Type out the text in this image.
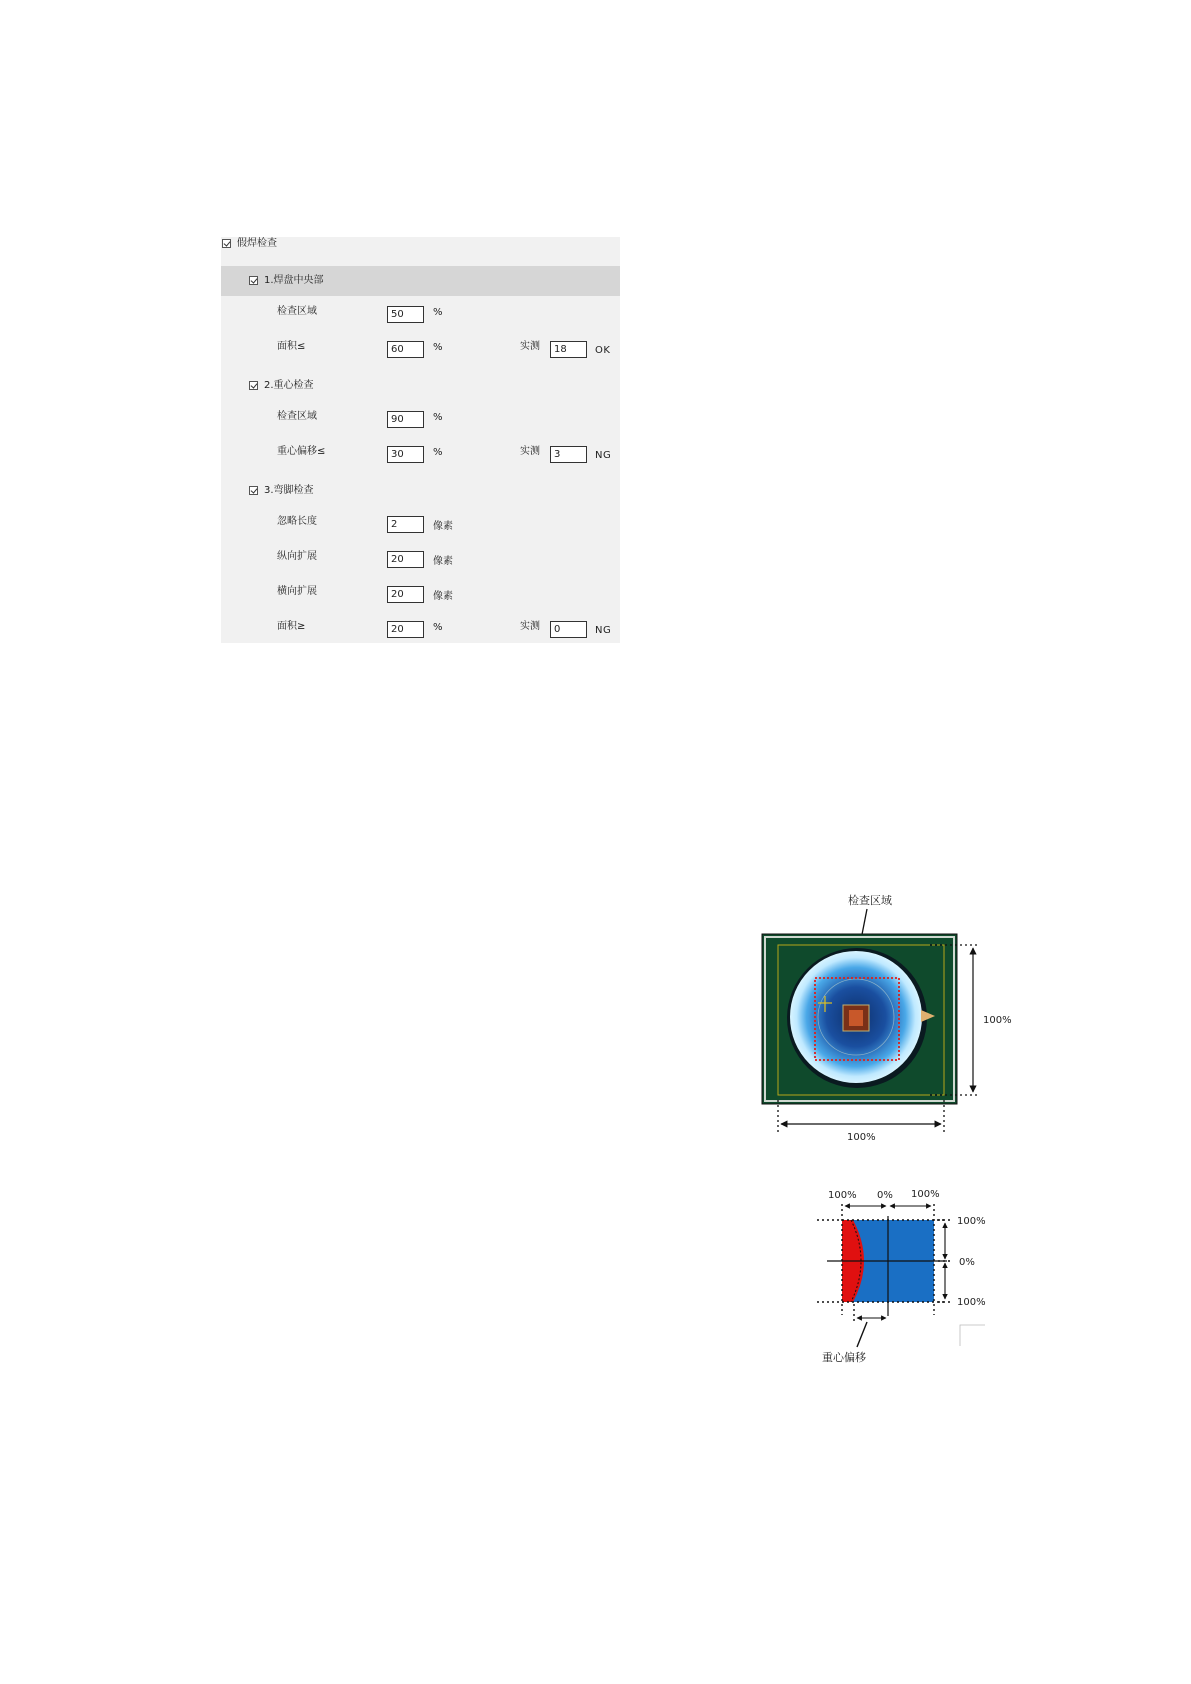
假焊检查
1.焊盘中央部
检查区域	50	%
面积≤	60	%	实测	18	OK
2.重心检查
检查区域	90	%
重心偏移≤	30	%	实测	3	NG
3.弯脚检查
忽略长度	2	像素
纵向扩展	20	像素
横向扩展	20	像素
面积≥	20	%	实测	0	NG
检查区域
100%
100%
100% 0% 100%
100%
0%
100%
重心偏移
